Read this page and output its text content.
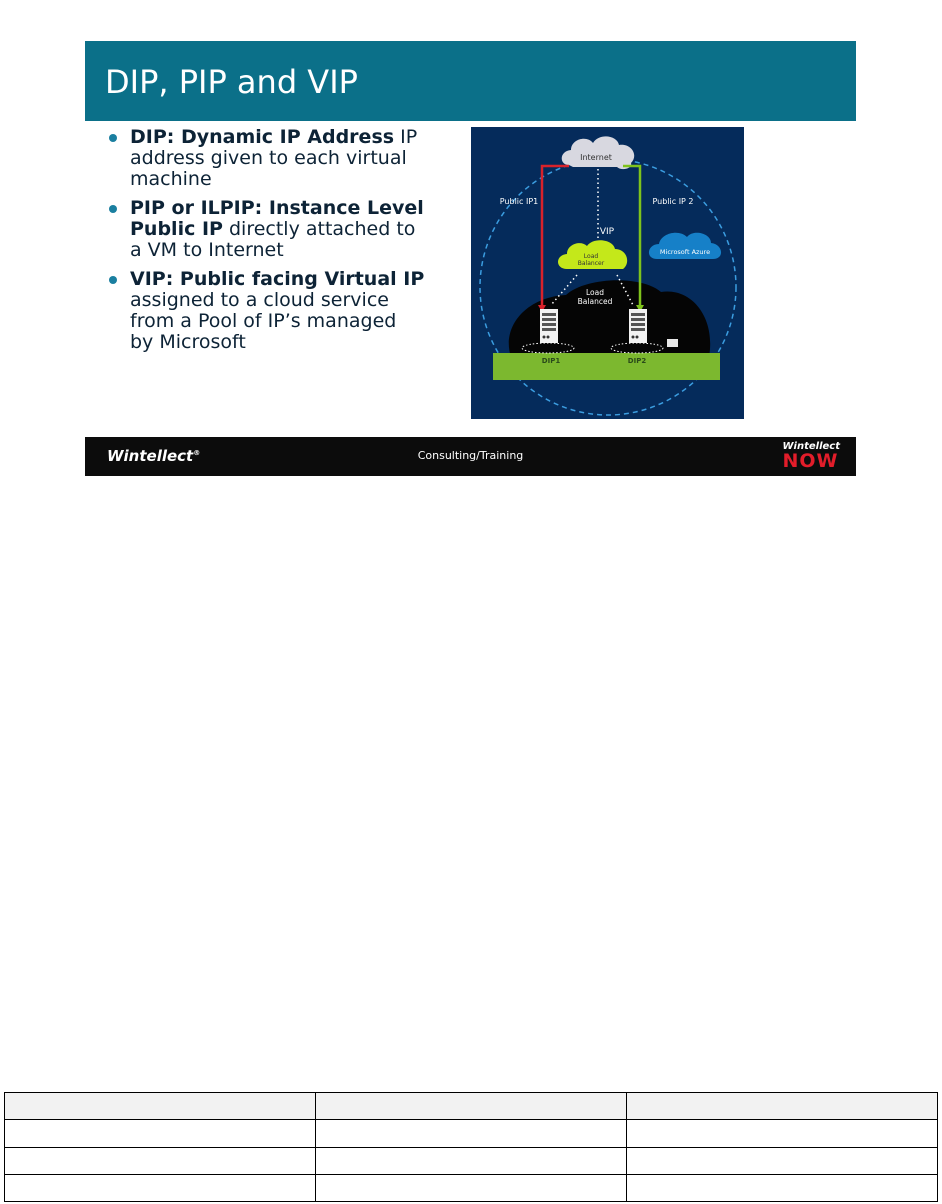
DIP, PIP and VIP
DIP: Dynamic IP Address IP address given to each virtual machine
PIP or ILPIP: Instance Level Public IP directly attached to a VM to Internet
VIP: Public facing Virtual IP assigned to a cloud service from a Pool of IP’s managed by Microsoft
Internet
Public IP1	Public IP 2
VIP
Load
Balancer
Microsoft Azure
Load
Balanced
DIP1	DIP2
Wintellect®	Consulting/Training
Wintellect
NOW
